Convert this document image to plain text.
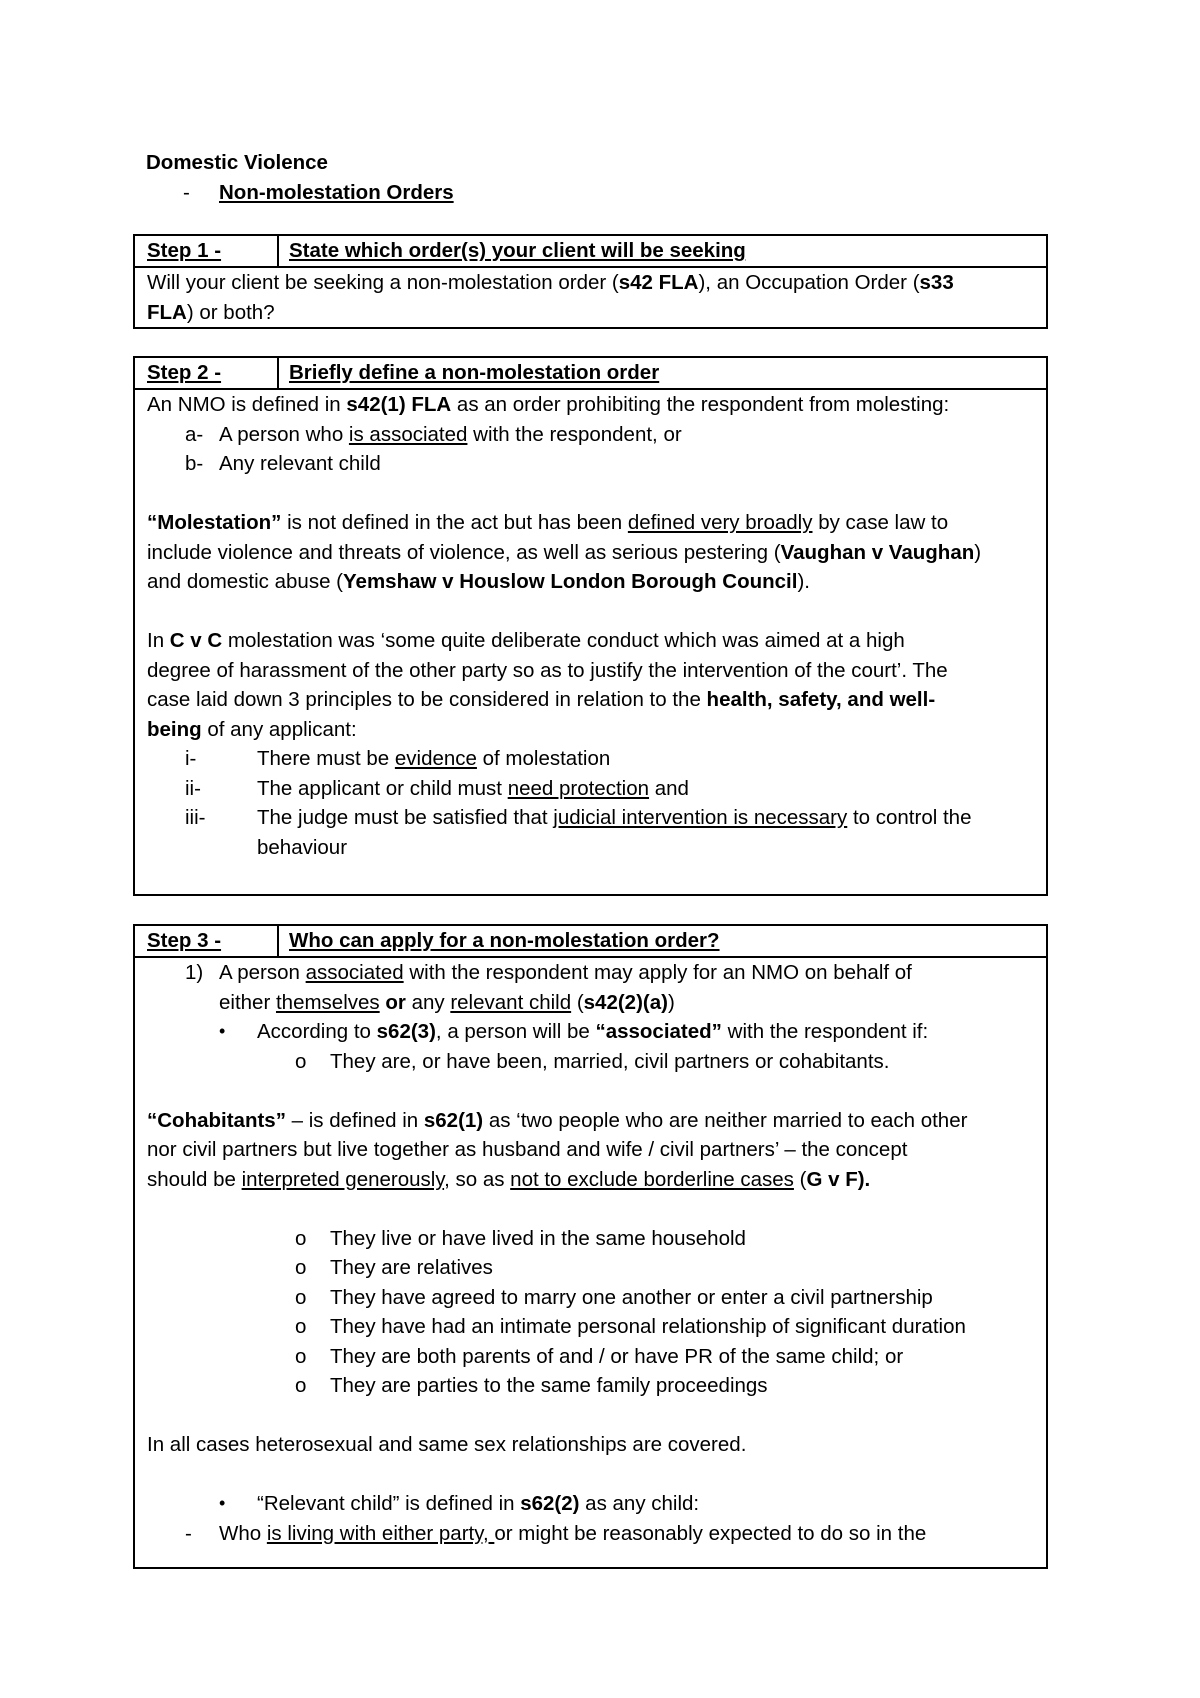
Domestic Violence
- Non-molestation Orders
Step 1 -	State which order(s) your client will be seeking
Will your client be seeking a non-molestation order (s42 FLA), an Occupation Order (s33
FLA) or both?
Step 2 -	Briefly define a non-molestation order
An NMO is defined in s42(1) FLA as an order prohibiting the respondent from molesting:
a- A person who is associated with the respondent, or
b- Any relevant child
“Molestation” is not defined in the act but has been defined very broadly by case law to
include violence and threats of violence, as well as serious pestering (Vaughan v Vaughan)
and domestic abuse (Yemshaw v Houslow London Borough Council).
In C v C molestation was ‘some quite deliberate conduct which was aimed at a high
degree of harassment of the other party so as to justify the intervention of the court’. The
case laid down 3 principles to be considered in relation to the health, safety, and well-
being of any applicant:
i-	There must be evidence of molestation
ii-	The applicant or child must need protection and
iii-	The judge must be satisfied that judicial intervention is necessary to control the
behaviour
Step 3 -	Who can apply for a non-molestation order?
1) A person associated with the respondent may apply for an NMO on behalf of
either themselves or any relevant child (s42(2)(a))
• According to s62(3), a person will be “associated” with the respondent if:
o They are, or have been, married, civil partners or cohabitants.
“Cohabitants” – is defined in s62(1) as ‘two people who are neither married to each other
nor civil partners but live together as husband and wife / civil partners’ – the concept
should be interpreted generously, so as not to exclude borderline cases (G v F).
o They live or have lived in the same household
o They are relatives
o They have agreed to marry one another or enter a civil partnership
o They have had an intimate personal relationship of significant duration
o They are both parents of and / or have PR of the same child; or
o They are parties to the same family proceedings
In all cases heterosexual and same sex relationships are covered.
• “Relevant child” is defined in s62(2) as any child:
- Who is living with either party, or might be reasonably expected to do so in the
